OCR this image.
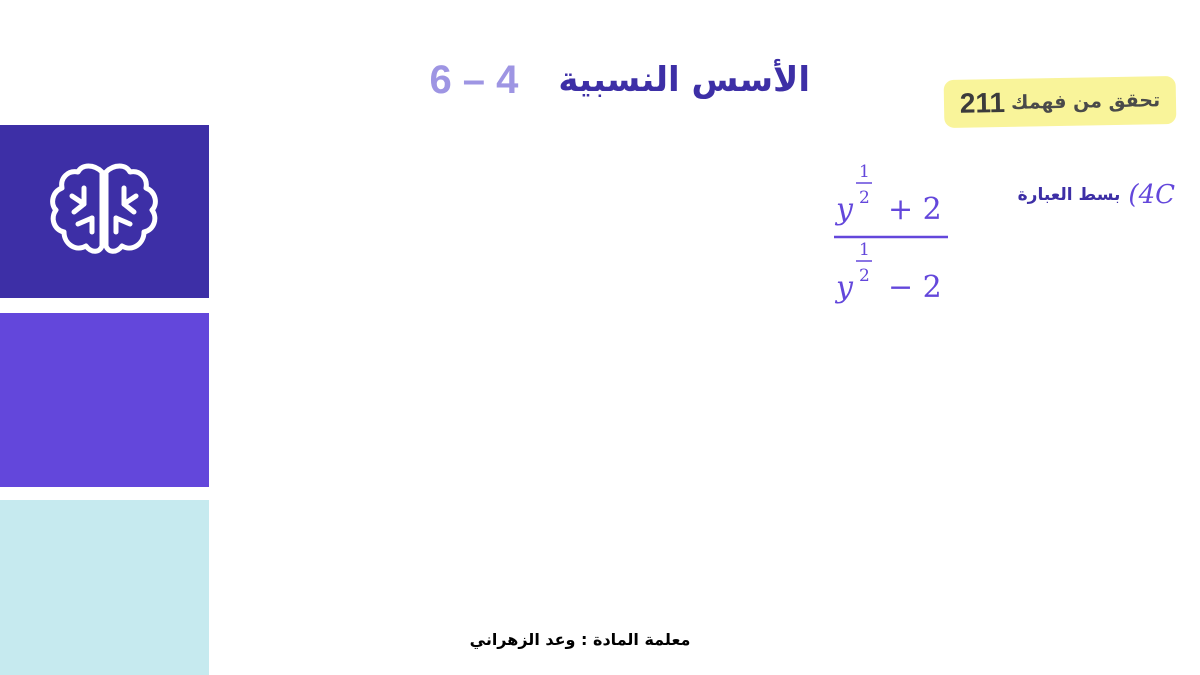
الأسس النسبية
6 – 4
تحقق من فهمك
211
4C)
بسط العبارة
y
1
2 + 2
y
1
2 − 2
معلمة المادة : وعد الزهراني
